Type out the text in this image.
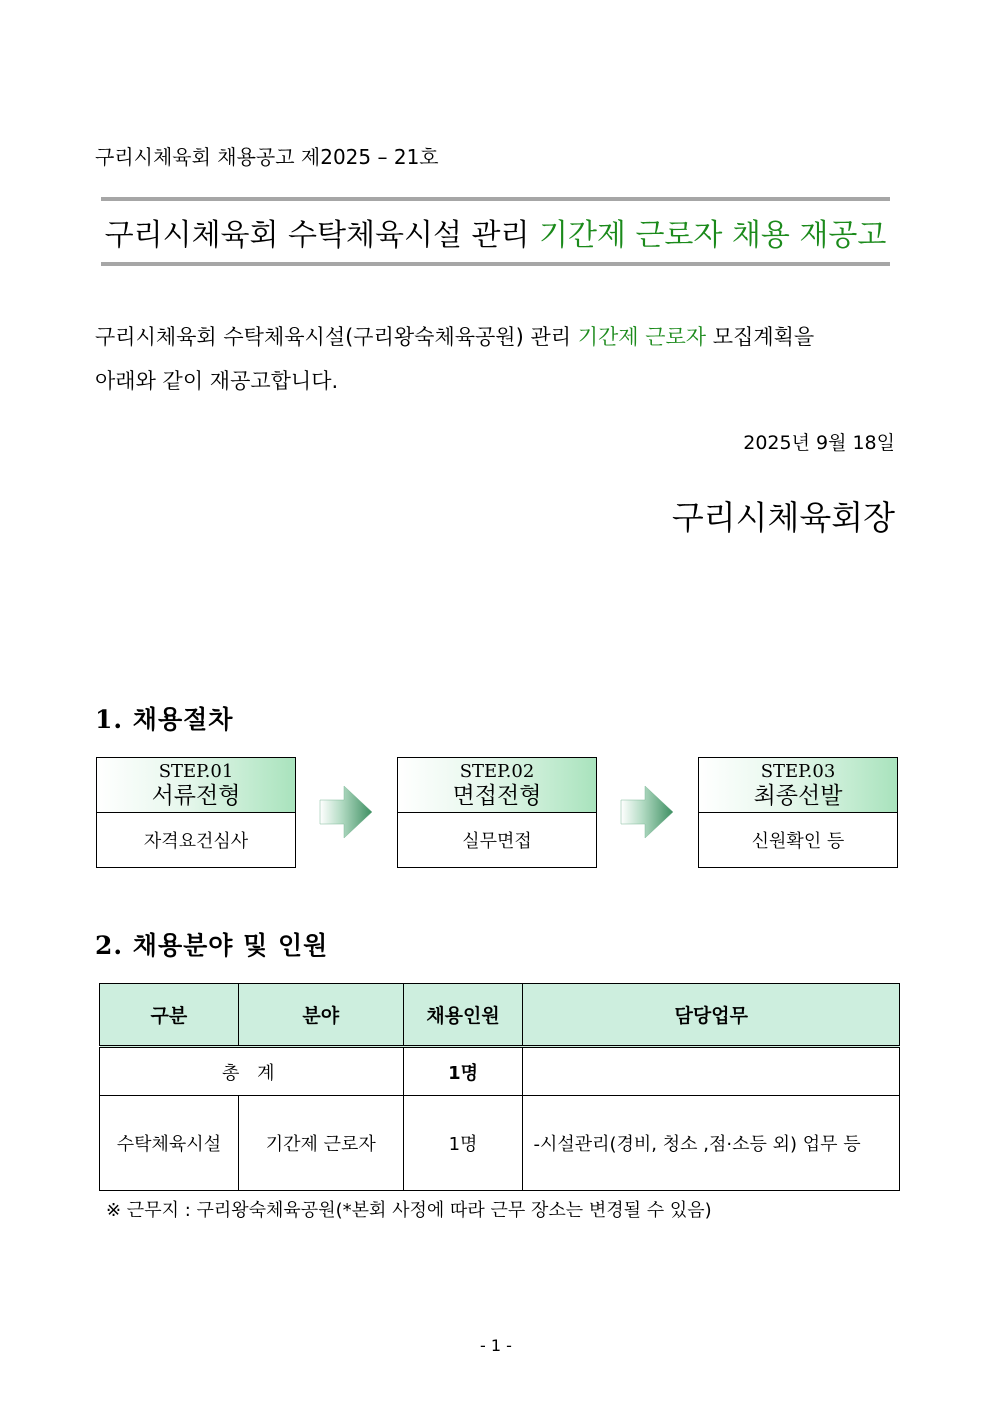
구리시체육회 채용공고 제2025 – 21호
구리시체육회 수탁체육시설 관리 기간제 근로자 채용 재공고

구리시체육회 수탁체육시설(구리왕숙체육공원) 관리 기간제 근로자 모집계획을

아래와 같이 재공고합니다.

2025년 9월 18일
구리시체육회장
1. 채용절차
STEP.01
서류전형
자격요건심사
STEP.02
면접전형
실무면접
STEP.03
최종선발
신원확인 등
2. 채용분야 및 인원
구분	분야	채용인원	담당업무
총 계		1명	
수탁체육시설	기간제 근로자	1명	-시설관리(경비, 청소 ,점·소등 외) 업무 등
※ 근무지 : 구리왕숙체육공원(*본회 사정에 따라 근무 장소는 변경될 수 있음)
- 1 -
